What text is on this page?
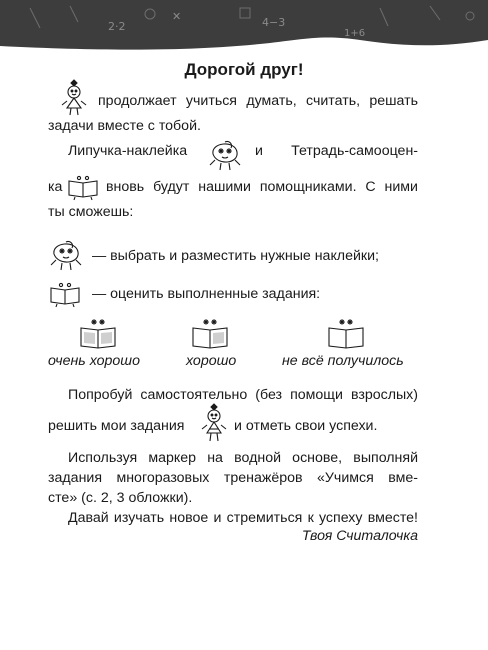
2·2
✕	4−3
1+6
Дорогой друг!
продолжает учиться думать, считать, решать
задачи вместе с тобой.
Липучка-наклейка	и Тетрадь-самооцен-
ка	вновь будут нашими помощниками. С ними
ты сможешь:
— выбрать и разместить нужные наклейки;
— оценить выполненные задания:
очень хорошо	хорошо	не всё получилось
Попробуй самостоятельно (без помощи взрослых)
решить мои задания	и отметь свои успехи.
Используя маркер на водной основе, выполняй
задания многоразовых тренажёров «Учимся вме-
сте» (с. 2, 3 обложки).
Давай изучать новое и стремиться к успеху вместе!
Твоя Считалочка
